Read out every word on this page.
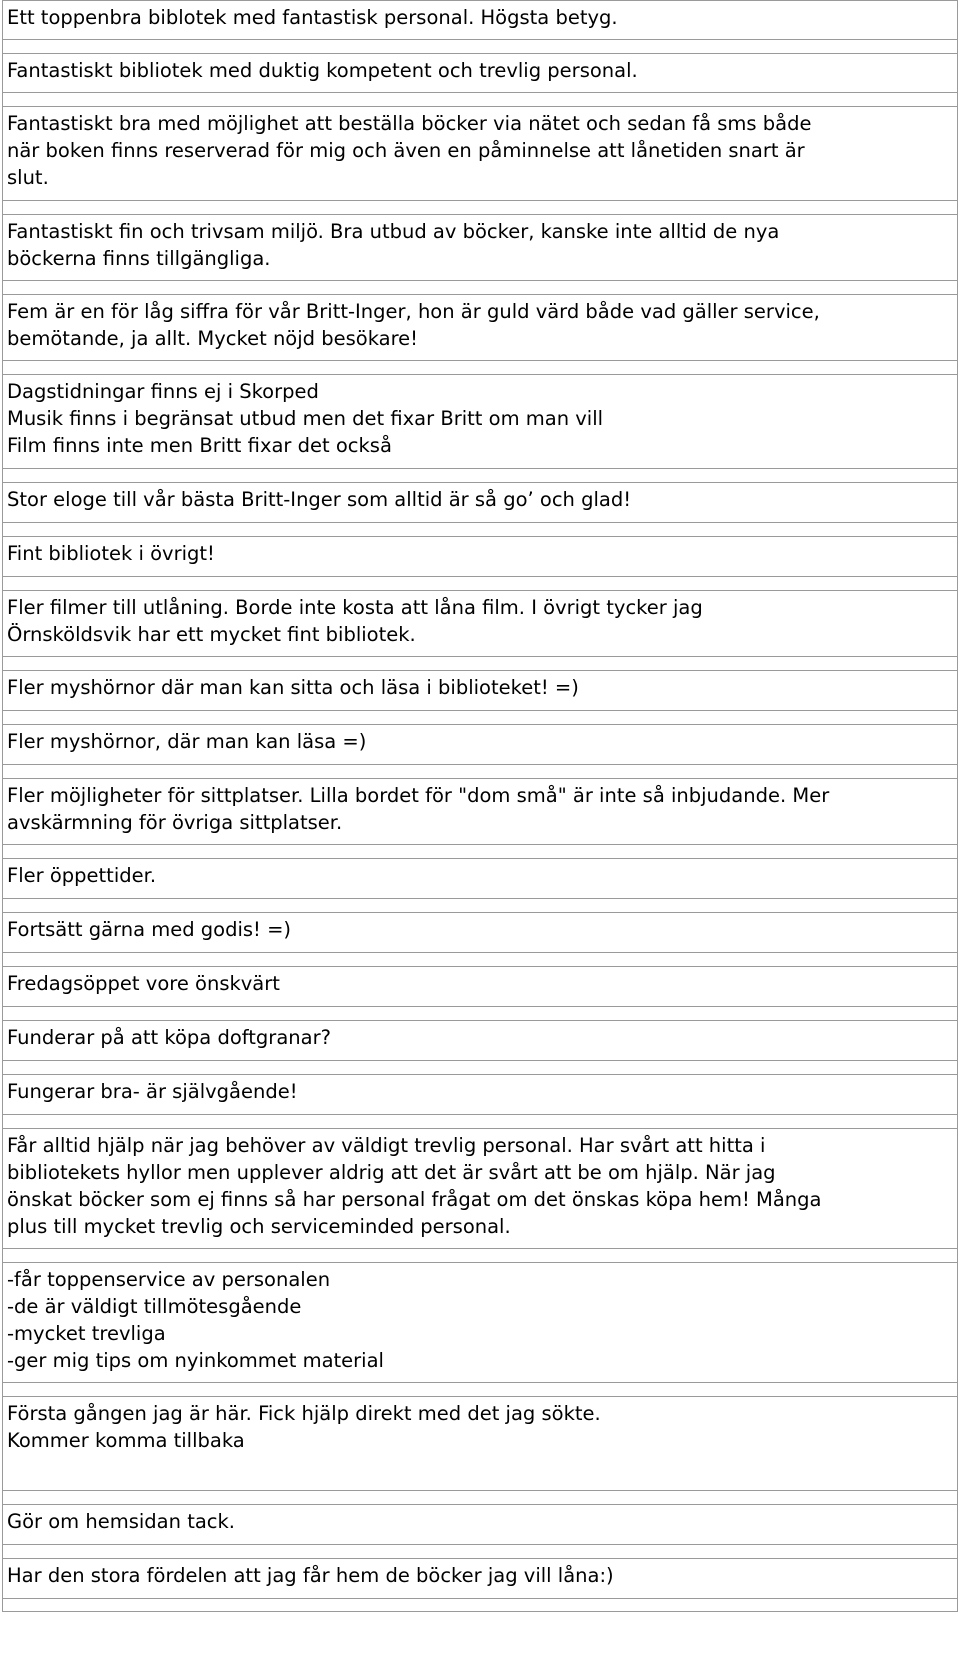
Ett toppenbra biblotek med fantastisk personal. Högsta betyg.
Fantastiskt bibliotek med duktig kompetent och trevlig personal.
Fantastiskt bra med möjlighet att beställa böcker via nätet och sedan få sms både
när boken finns reserverad för mig och även en påminnelse att lånetiden snart är
slut.
Fantastiskt fin och trivsam miljö. Bra utbud av böcker, kanske inte alltid de nya
böckerna finns tillgängliga.
Fem är en för låg siffra för vår Britt-Inger, hon är guld värd både vad gäller service,
bemötande, ja allt. Mycket nöjd besökare!
Dagstidningar finns ej i Skorped
Musik finns i begränsat utbud men det fixar Britt om man vill
Film finns inte men Britt fixar det också
Stor eloge till vår bästa Britt-Inger som alltid är så go’ och glad!
Fint bibliotek i övrigt!
Fler filmer till utlåning. Borde inte kosta att låna film. I övrigt tycker jag
Örnsköldsvik har ett mycket fint bibliotek.
Fler myshörnor där man kan sitta och läsa i biblioteket! =)
Fler myshörnor, där man kan läsa =)
Fler möjligheter för sittplatser. Lilla bordet för "dom små" är inte så inbjudande. Mer
avskärmning för övriga sittplatser.
Fler öppettider.
Fortsätt gärna med godis! =)
Fredagsöppet vore önskvärt
Funderar på att köpa doftgranar?
Fungerar bra- är självgående!
Får alltid hjälp när jag behöver av väldigt trevlig personal. Har svårt att hitta i
bibliotekets hyllor men upplever aldrig att det är svårt att be om hjälp. När jag
önskat böcker som ej finns så har personal frågat om det önskas köpa hem! Många
plus till mycket trevlig och serviceminded personal.
-får toppenservice av personalen
-de är väldigt tillmötesgående
-mycket trevliga
-ger mig tips om nyinkommet material
Första gången jag är här. Fick hjälp direkt med det jag sökte.
Kommer komma tillbaka
Gör om hemsidan tack.
Har den stora fördelen att jag får hem de böcker jag vill låna:)
